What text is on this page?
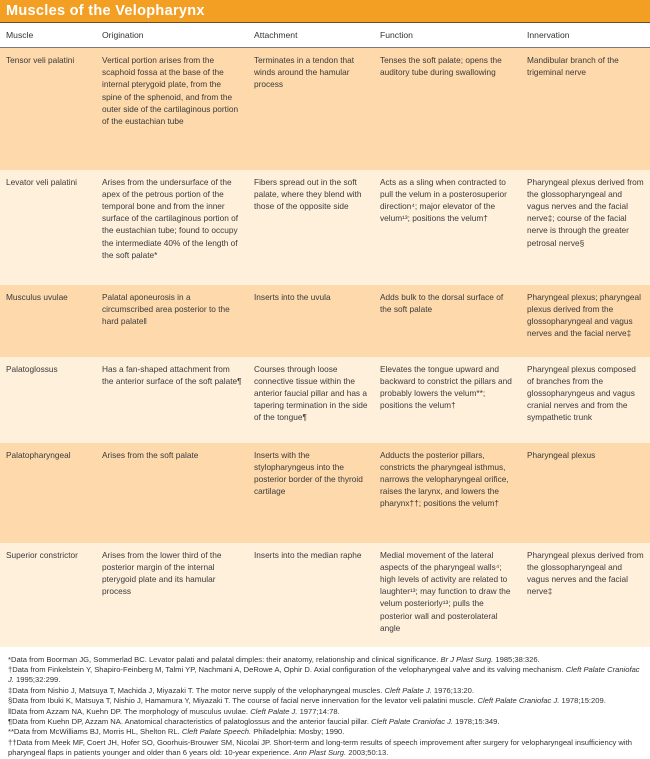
Muscles of the Velopharynx
Muscle	Origination	Attachment	Function	Innervation
Tensor veli palatini	Vertical portion arises from the scaphoid fossa at the base of the internal pterygoid plate, from the spine of the sphenoid, and from the outer side of the cartilaginous portion of the eustachian tube	Terminates in a tendon that winds around the hamular process	Tenses the soft palate; opens the auditory tube during swallowing	Mandibular branch of the trigeminal nerve
Levator veli palatini	Arises from the undersurface of the apex of the petrous portion of the temporal bone and from the inner surface of the cartilaginous portion of the eustachian tube; found to occupy the intermediate 40% of the length of the soft palate*	Fibers spread out in the soft palate, where they blend with those of the opposite side	Acts as a sling when contracted to pull the velum in a posterosuperior direction⁴; major elevator of the velum¹³; positions the velum†	Pharyngeal plexus derived from the glossopharyngeal and vagus nerves and the facial nerve‡; course of the facial nerve is through the greater petrosal nerve§
Musculus uvulae	Palatal aponeurosis in a circumscribed area posterior to the hard palate‖	Inserts into the uvula	Adds bulk to the dorsal surface of the soft palate	Pharyngeal plexus; pharyngeal plexus derived from the glossopharyngeal and vagus nerves and the facial nerve‡
Palatoglossus	Has a fan-shaped attachment from the anterior surface of the soft palate¶	Courses through loose connective tissue within the anterior faucial pillar and has a tapering termination in the side of the tongue¶	Elevates the tongue upward and backward to constrict the pillars and probably lowers the velum**; positions the velum†	Pharyngeal plexus composed of branches from the glossopharyngeus and vagus cranial nerves and from the sympathetic trunk
Palatopharyngeal	Arises from the soft palate	Inserts with the stylopharyngeus into the posterior border of the thyroid cartilage	Adducts the posterior pillars, constricts the pharyngeal isthmus, narrows the velopharyngeal orifice, raises the larynx, and lowers the pharynx††; positions the velum†	Pharyngeal plexus
Superior constrictor	Arises from the lower third of the posterior margin of the internal pterygoid plate and its hamular process	Inserts into the median raphe	Medial movement of the lateral aspects of the pharyngeal walls⁴; high levels of activity are related to laughter¹³; may function to draw the velum posteriorly¹³; pulls the posterior wall and posterolateral angle	Pharyngeal plexus derived from the glossopharyngeal and vagus nerves and the facial nerve‡

*Data from Boorman JG, Sommerlad BC. Levator palati and palatal dimples: their anatomy, relationship and clinical significance. Br J Plast Surg. 1985;38:326.

†Data from Finkelstein Y, Shapiro-Feinberg M, Talmi YP, Nachmani A, DeRowe A, Ophir D. Axial configuration of the velopharyngeal valve and its valving mechanism. Cleft Palate Craniofac J. 1995;32:299.

‡Data from Nishio J, Matsuya T, Machida J, Miyazaki T. The motor nerve supply of the velopharyngeal muscles. Cleft Palate J. 1976;13:20.

§Data from Ibuki K, Matsuya T, Nishio J, Hamamura Y, Miyazaki T. The course of facial nerve innervation for the levator veli palatini muscle. Cleft Palate Craniofac J. 1978;15:209.

‖Data from Azzam NA, Kuehn DP. The morphology of musculus uvulae. Cleft Palate J. 1977;14:78.

¶Data from Kuehn DP, Azzam NA. Anatomical characteristics of palatoglossus and the anterior faucial pillar. Cleft Palate Craniofac J. 1978;15:349.

**Data from McWilliams BJ, Morris HL, Shelton RL. Cleft Palate Speech. Philadelphia: Mosby; 1990.

††Data from Meek MF, Coert JH, Hofer SO, Goorhuis-Brouwer SM, Nicolai JP. Short-term and long-term results of speech improvement after surgery for velopharyngeal insufficiency with pharyngeal flaps in patients younger and older than 6 years old: 10-year experience. Ann Plast Surg. 2003;50:13.
